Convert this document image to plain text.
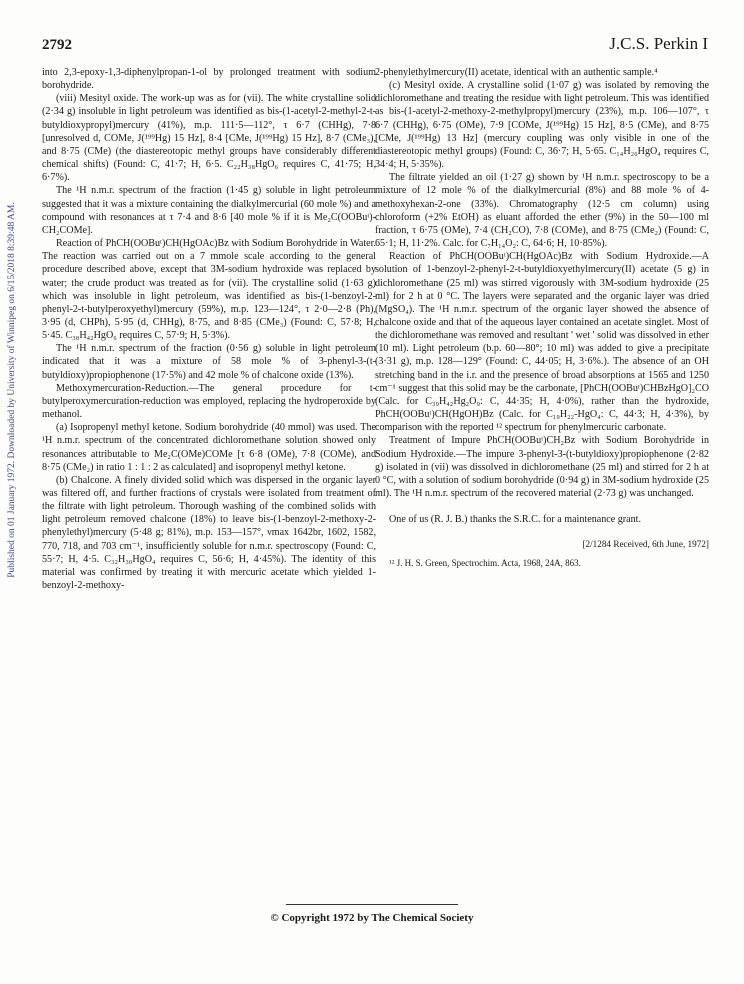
2792	J.C.S. Perkin I
Published on 01 January 1972. Downloaded by University of Winnipeg on 6/15/2018 8:39:48 AM.

into 2,3-epoxy-1,3-diphenylpropan-1-ol by prolonged treatment with sodium borohydride.

(viii) Mesityl oxide. The work-up was as for (vii). The white crystalline solid (2·34 g) insoluble in light petroleum was identified as bis-(1-acetyl-2-methyl-2-t-butyldioxypropyl)mercury (41%), m.p. 111·5—112°, τ 6·7 (CHHg), 7·8 [unresolved d, COMe, J(¹⁹⁹Hg) 15 Hz], 8·4 [CMe, J(¹⁹⁹Hg) 15 Hz], 8·7 (CMe₃), and 8·75 (CMe) (the diastereotopic methyl groups have considerably different chemical shifts) (Found: C, 41·7; H, 6·5. C₂₂H₃₈HgO₆ requires C, 41·75; H, 6·7%).

The ¹H n.m.r. spectrum of the fraction (1·45 g) soluble in light petroleum suggested that it was a mixture containing the dialkylmercurial (60 mole %) and a compound with resonances at τ 7·4 and 8·6 [40 mole % if it is Me₂C(OOBuᵗ)-CH₂COMe].

Reaction of PhCH(OOBuᵗ)CH(HgOAc)Bz with Sodium Borohydride in Water. The reaction was carried out on a 7 mmole scale according to the general procedure described above, except that 3M-sodium hydroxide was replaced by water; the crude product was treated as for (vii). The crystalline solid (1·63 g) which was insoluble in light petroleum, was identified as bis-(1-benzoyl-2-phenyl-2-t-butylperoxyethyl)mercury (59%), m.p. 123—124°, τ 2·0—2·8 (Ph), 3·95 (d, CHPh), 5·95 (d, CHHg), 8·75, and 8·85 (CMe₃) (Found: C, 57·8; H, 5·45. C₃₈H₄₂HgO₆ requires C, 57·9; H, 5·3%).

The ¹H n.m.r. spectrum of the fraction (0·56 g) soluble in light petroleum indicated that it was a mixture of 58 mole % of 3-phenyl-3-(t-butyldioxy)propiophenone (17·5%) and 42 mole % of chalcone oxide (13%).

Methoxymercuration-Reduction.—The general procedure for t-butylperoxymercuration-reduction was employed, replacing the hydroperoxide by methanol.

(a) Isopropenyl methyl ketone. Sodium borohydride (40 mmol) was used. The ¹H n.m.r. spectrum of the concentrated dichloromethane solution showed only resonances attributable to Me₂C(OMe)COMe [τ 6·8 (OMe), 7·8 (COMe), and 8·75 (CMe₂) in ratio 1 : 1 : 2 as calculated] and isopropenyl methyl ketone.

(b) Chalcone. A finely divided solid which was dispersed in the organic layer was filtered off, and further fractions of crystals were isolated from treatment of the filtrate with light petroleum. Thorough washing of the combined solids with light petroleum removed chalcone (18%) to leave bis-(1-benzoyl-2-methoxy-2-phenylethyl)mercury (5·48 g; 81%), m.p. 153—157°, νmax 1642br, 1602, 1582, 770, 718, and 703 cm⁻¹, insufficiently soluble for n.m.r. spectroscopy (Found: C, 55·7; H, 4·5. C₃₂H₃₀HgO₄ requires C, 56·6; H, 4·45%). The identity of this material was confirmed by treating it with mercuric acetate which yielded 1-benzoyl-2-methoxy-

2-phenylethylmercury(II) acetate, identical with an authentic sample.⁴

(c) Mesityl oxide. A crystalline solid (1·07 g) was isolated by removing the dichloromethane and treating the residue with light petroleum. This was identified as bis-(1-acetyl-2-methoxy-2-methylpropyl)mercury (23%), m.p. 106—107°, τ 6·7 (CHHg), 6·75 (OMe), 7·9 [COMe, J(¹⁹⁹Hg) 15 Hz], 8·5 (CMe), and 8·75 [CMe, J(¹⁹⁹Hg) 13 Hz] (mercury coupling was only visible in one of the diastereotopic methyl groups) (Found: C, 36·7; H, 5·65. C₁₄H₂₆HgO₄ requires C, 34·4; H, 5·35%).

The filtrate yielded an oil (1·27 g) shown by ¹H n.m.r. spectroscopy to be a mixture of 12 mole % of the dialkylmercurial (8%) and 88 mole % of 4-methoxyhexan-2-one (33%). Chromatography (12·5 cm column) using chloroform (+2% EtOH) as eluant afforded the ether (9%) in the 50—100 ml fraction, τ 6·75 (OMe), 7·4 (CH₂CO), 7·8 (COMe), and 8·75 (CMe₂) (Found: C, 65·1; H, 11·2%. Calc. for C₇H₁₄O₂: C, 64·6; H, 10·85%).

Reaction of PhCH(OOBuᵗ)CH(HgOAc)Bz with Sodium Hydroxide.—A solution of 1-benzoyl-2-phenyl-2-t-butyldioxyethylmercury(II) acetate (5 g) in dichloromethane (25 ml) was stirred vigorously with 3M-sodium hydroxide (25 ml) for 2 h at 0 °C. The layers were separated and the organic layer was dried (MgSO₄). The ¹H n.m.r. spectrum of the organic layer showed the absence of chalcone oxide and that of the aqueous layer contained an acetate singlet. Most of the dichloromethane was removed and resultant ' wet ' solid was dissolved in ether (10 ml). Light petroleum (b.p. 60—80°; 10 ml) was added to give a precipitate (3·31 g), m.p. 128—129° (Found: C, 44·05; H, 3·6%.). The absence of an OH stretching band in the i.r. and the presence of broad absorptions at 1565 and 1250 cm⁻¹ suggest that this solid may be the carbonate, [PhCH(OOBuᵗ)CHBzHgO]₂CO (Calc. for C₃₉H₄₂Hg₂O₉: C, 44·35; H, 4·0%), rather than the hydroxide, PhCH(OOBuᵗ)CH(HgOH)Bz (Calc. for C₁₉H₂₂-HgO₄: C, 44·3; H, 4·3%), by comparison with the reported ¹² spectrum for phenylmercuric carbonate.

Treatment of Impure PhCH(OOBuᵗ)CH₂Bz with Sodium Borohydride in Sodium Hydroxide.—The impure 3-phenyl-3-(t-butyldioxy)propiophenone (2·82 g) isolated in (vii) was dissolved in dichloromethane (25 ml) and stirred for 2 h at 0 °C, with a solution of sodium borohydride (0·94 g) in 3M-sodium hydroxide (25 ml). The ¹H n.m.r. spectrum of the recovered material (2·73 g) was unchanged.

One of us (R. J. B.) thanks the S.R.C. for a maintenance grant.

[2/1284 Received, 6th June, 1972]
¹² J. H. S. Green, Spectrochim. Acta, 1968, 24A, 863.
© Copyright 1972 by The Chemical Society
